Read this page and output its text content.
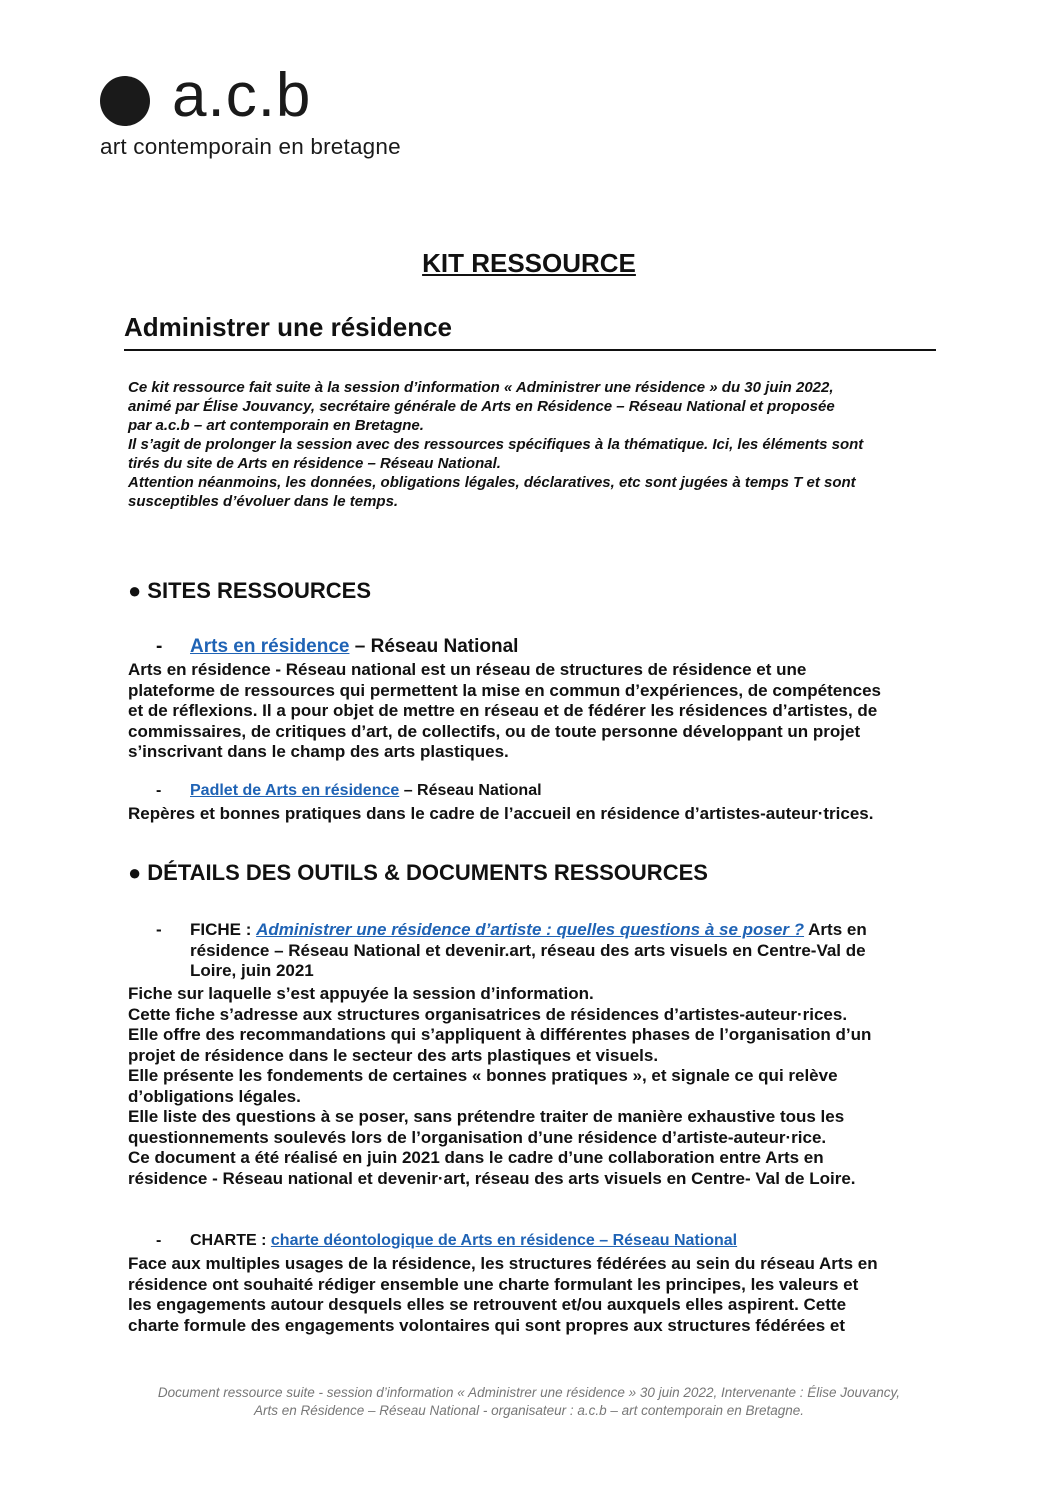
a.c.b
art contemporain en bretagne
KIT RESSOURCE
Administrer une résidence
Ce kit ressource fait suite à la session d’information « Administrer une résidence » du 30 juin 2022,
animé par Élise Jouvancy, secrétaire générale de Arts en Résidence – Réseau National et proposée
par a.c.b – art contemporain en Bretagne.
Il s’agit de prolonger la session avec des ressources spécifiques à la thématique. Ici, les éléments sont
tirés du site de Arts en résidence – Réseau National.
Attention néanmoins, les données, obligations légales, déclaratives, etc sont jugées à temps T et sont
susceptibles d’évoluer dans le temps.
● SITES RESSOURCES
- Arts en résidence – Réseau National
Arts en résidence - Réseau national est un réseau de structures de résidence et une
plateforme de ressources qui permettent la mise en commun d’expériences, de compétences
et de réflexions. Il a pour objet de mettre en réseau et de fédérer les résidences d’artistes, de
commissaires, de critiques d’art, de collectifs, ou de toute personne développant un projet
s’inscrivant dans le champ des arts plastiques.
- Padlet de Arts en résidence – Réseau National
Repères et bonnes pratiques dans le cadre de l’accueil en résidence d’artistes-auteur·trices.
● DÉTAILS DES OUTILS & DOCUMENTS RESSOURCES
- FICHE : Administrer une résidence d’artiste : quelles questions à se poser ? Arts en
résidence – Réseau National et devenir.art, réseau des arts visuels en Centre-Val de
Loire, juin 2021
Fiche sur laquelle s’est appuyée la session d’information.
Cette fiche s’adresse aux structures organisatrices de résidences d’artistes-auteur·rices.
Elle offre des recommandations qui s’appliquent à différentes phases de l’organisation d’un
projet de résidence dans le secteur des arts plastiques et visuels.
Elle présente les fondements de certaines « bonnes pratiques », et signale ce qui relève
d’obligations légales.
Elle liste des questions à se poser, sans prétendre traiter de manière exhaustive tous les
questionnements soulevés lors de l’organisation d’une résidence d’artiste-auteur·rice.
Ce document a été réalisé en juin 2021 dans le cadre d’une collaboration entre Arts en
résidence - Réseau national et devenir·art, réseau des arts visuels en Centre- Val de Loire.
- CHARTE : charte déontologique de Arts en résidence – Réseau National
Face aux multiples usages de la résidence, les structures fédérées au sein du réseau Arts en
résidence ont souhaité rédiger ensemble une charte formulant les principes, les valeurs et
les engagements autour desquels elles se retrouvent et/ou auxquels elles aspirent. Cette
charte formule des engagements volontaires qui sont propres aux structures fédérées et
Document ressource suite - session d’information « Administrer une résidence » 30 juin 2022, Intervenante : Élise Jouvancy,
Arts en Résidence – Réseau National - organisateur : a.c.b – art contemporain en Bretagne.
